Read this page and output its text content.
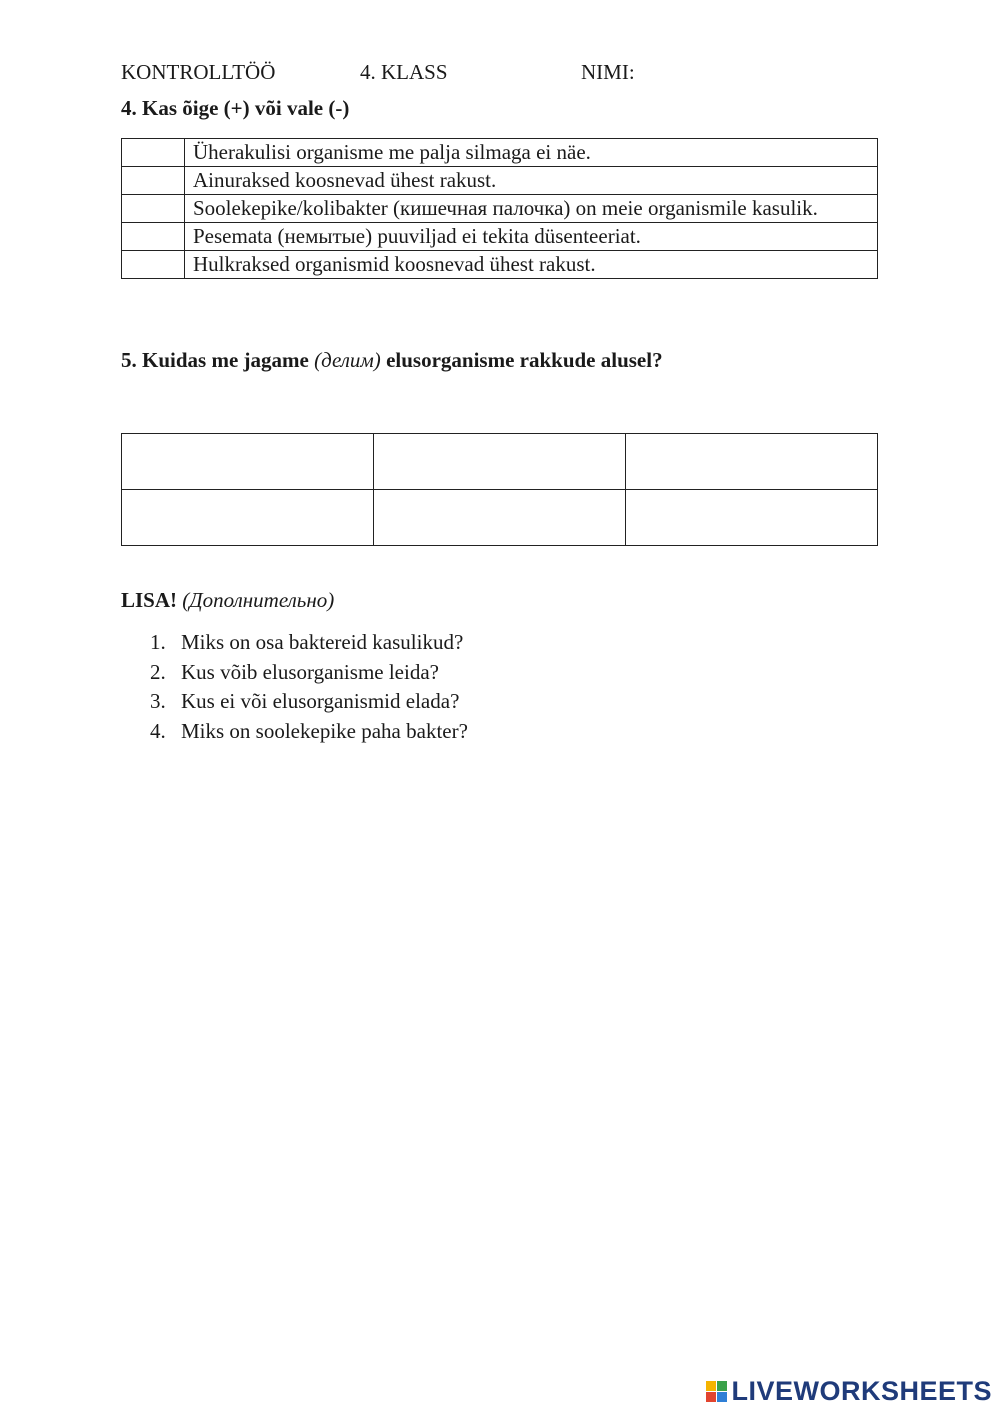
KONTROLLTÖÖ	4. KLASS	NIMI:
4. Kas õige (+) või vale (-)
	Üherakulisi organisme me palja silmaga ei näe.
	Ainuraksed koosnevad ühest rakust.
	Soolekepike/kolibakter (кишечная палочка) on meie organismile kasulik.
	Pesemata (немытые) puuviljad ei tekita düsenteeriat.
	Hulkraksed organismid koosnevad ühest rakust.
5. Kuidas me jagame (делим) elusorganisme rakkude alusel?

LISA! (Дополнительно)
1. Miks on osa baktereid kasulikud?
2. Kus võib elusorganisme leida?
3. Kus ei või elusorganismid elada?
4. Miks on soolekepike paha bakter?
LIVEWORKSHEETS
